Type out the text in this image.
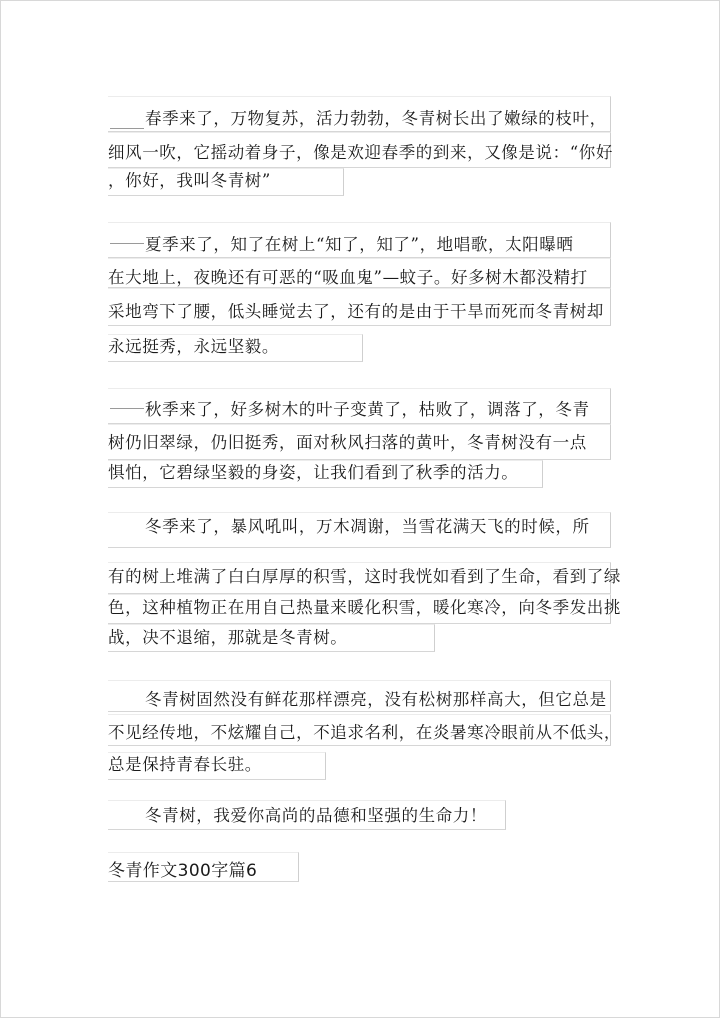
春季来了，万物复苏，活力勃勃，冬青树长出了嫩绿的枝叶，
细风一吹，它摇动着身子，像是欢迎春季的到来，又像是说：“你好
，你好，我叫冬青树”
夏季来了，知了在树上“知了，知了”，地唱歌，太阳曝晒
在大地上，夜晚还有可恶的“吸血鬼”—蚊子。好多树木都没精打
采地弯下了腰，低头睡觉去了，还有的是由于干旱而死而冬青树却
永远挺秀，永远坚毅。
秋季来了，好多树木的叶子变黄了，枯败了，调落了，冬青
树仍旧翠绿，仍旧挺秀，面对秋风扫落的黄叶，冬青树没有一点
惧怕，它碧绿坚毅的身姿，让我们看到了秋季的活力。
冬季来了，暴风吼叫，万木凋谢，当雪花满天飞的时候，所
有的树上堆满了白白厚厚的积雪，这时我恍如看到了生命，看到了绿
色，这种植物正在用自己热量来暖化积雪，暖化寒冷，向冬季发出挑
战，决不退缩，那就是冬青树。
冬青树固然没有鲜花那样漂亮，没有松树那样高大，但它总是
不见经传地，不炫耀自己，不追求名利，在炎暑寒冷眼前从不低头，
总是保持青春长驻。
冬青树，我爱你高尚的品德和坚强的生命力！
冬青作文300字篇6
